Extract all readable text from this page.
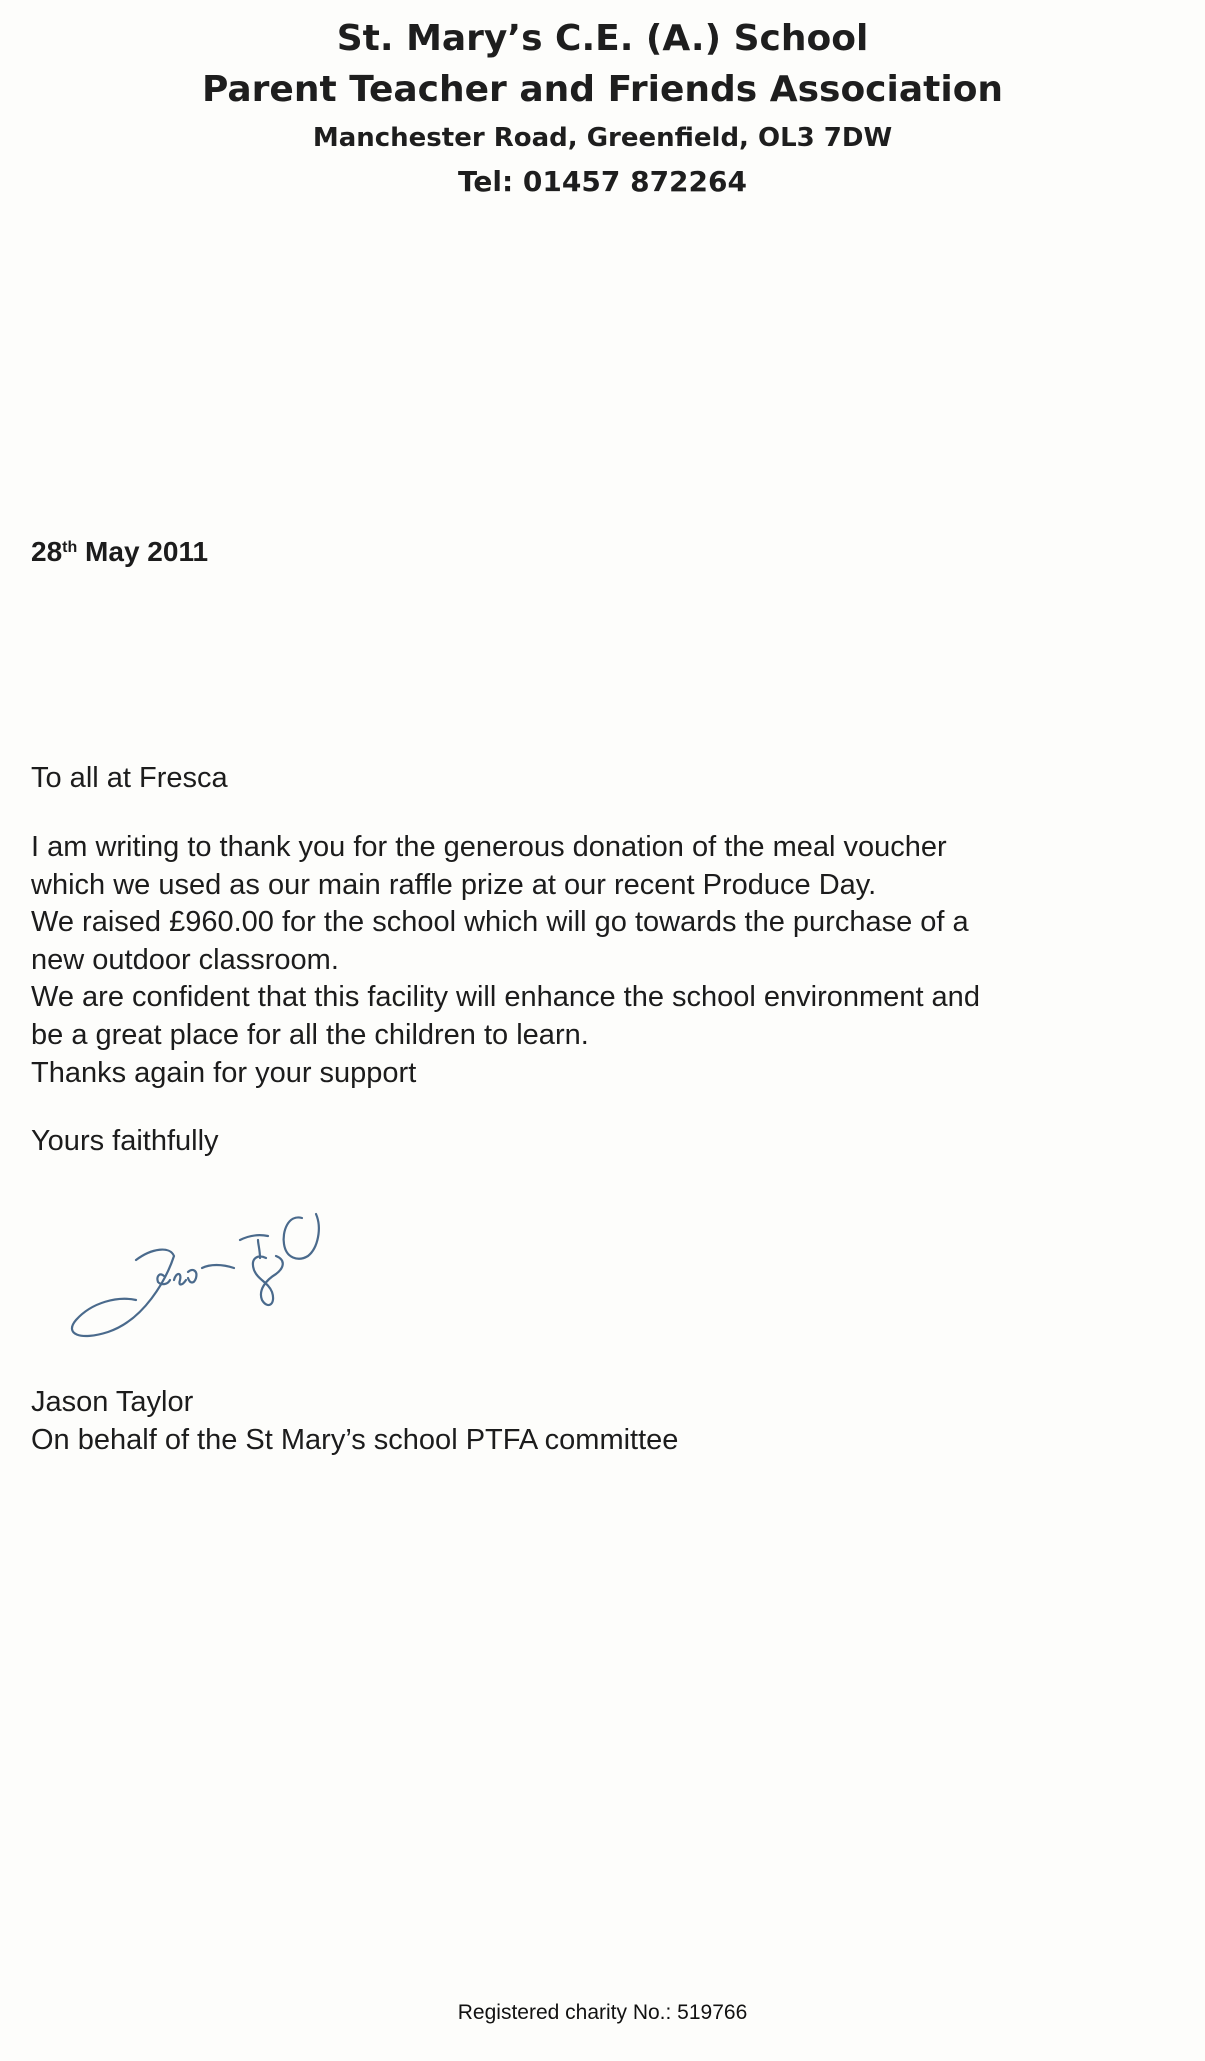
St. Mary’s C.E. (A.) School
Parent Teacher and Friends Association
Manchester Road, Greenfield, OL3 7DW
Tel: 01457 872264
28th May 2011
To all at Fresca

I am writing to thank you for the generous donation of the meal voucher

which we used as our main raffle prize at our recent Produce Day.

We raised £960.00 for the school which will go towards the purchase of a

new outdoor classroom.

We are confident that this facility will enhance the school environment and

be a great place for all the children to learn.

Thanks again for your support

Yours faithfully
Jason Taylor
On behalf of the St Mary’s school PTFA committee
Registered charity No.: 519766
